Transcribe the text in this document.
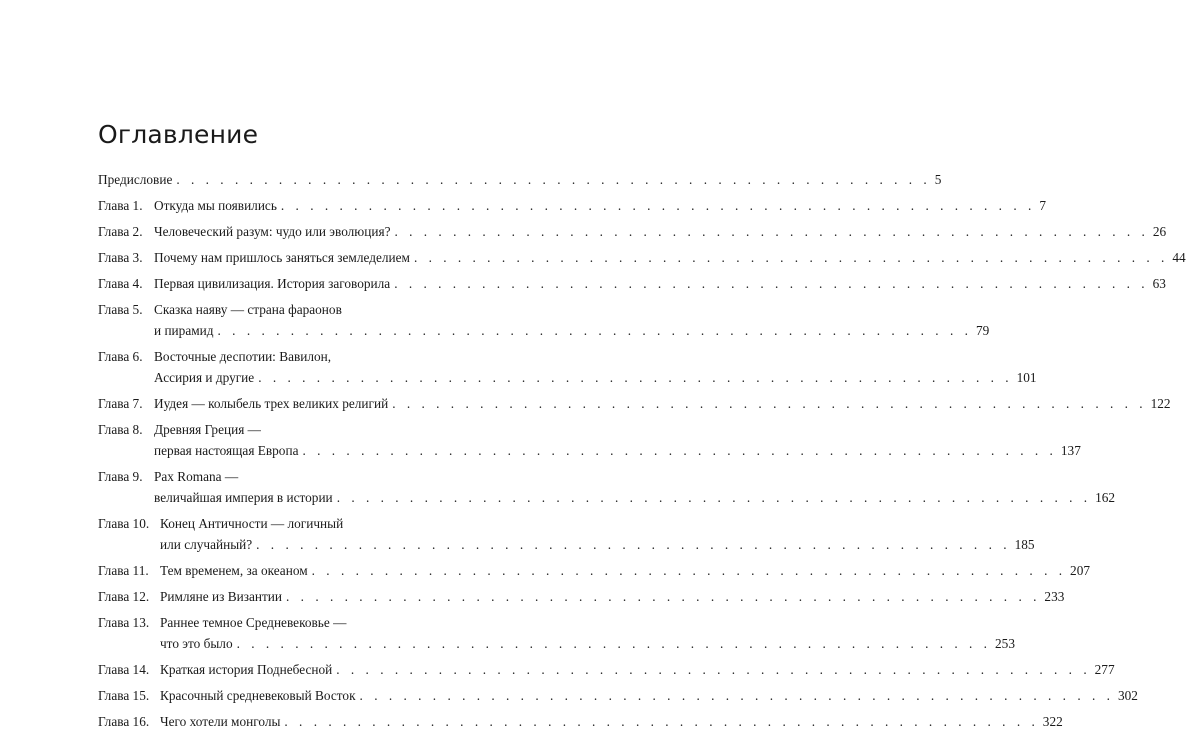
Оглавление
Предисловие . . . . . . . . . . . . . . . . . . . . . . . . . . . . . . . . . . . . . . . . . . . . . . . . . . . . 5
Глава 1. Откуда мы появились . . . . . . . . . . . . . . . . . . . . . . . . . . . . . . . . . . . . . . . . . . . . . . . . . . . . 7
Глава 2. Человеческий разум: чудо или эволюция? . . . . . . . . . . . . . . . . . . . . . . . . . . . . . . . . . . . . . . . . . . . . . . . . . . . . 26
Глава 3. Почему нам пришлось заняться земледелием . . . . . . . . . . . . . . . . . . . . . . . . . . . . . . . . . . . . . . . . . . . . . . . . . . . . 44
Глава 4. Первая цивилизация. История заговорила . . . . . . . . . . . . . . . . . . . . . . . . . . . . . . . . . . . . . . . . . . . . . . . . . . . . 63
Глава 5. Сказка наяву — страна фараонов
и пирамид . . . . . . . . . . . . . . . . . . . . . . . . . . . . . . . . . . . . . . . . . . . . . . . . . . . . 79
Глава 6. Восточные деспотии: Вавилон,
Ассирия и другие . . . . . . . . . . . . . . . . . . . . . . . . . . . . . . . . . . . . . . . . . . . . . . . . . . . . 101
Глава 7. Иудея — колыбель трех великих религий . . . . . . . . . . . . . . . . . . . . . . . . . . . . . . . . . . . . . . . . . . . . . . . . . . . . 122
Глава 8. Древняя Греция —
первая настоящая Европа . . . . . . . . . . . . . . . . . . . . . . . . . . . . . . . . . . . . . . . . . . . . . . . . . . . . 137
Глава 9. Pax Romana —
величайшая империя в истории . . . . . . . . . . . . . . . . . . . . . . . . . . . . . . . . . . . . . . . . . . . . . . . . . . . . 162
Глава 10. Конец Античности — логичный
или случайный? . . . . . . . . . . . . . . . . . . . . . . . . . . . . . . . . . . . . . . . . . . . . . . . . . . . . 185
Глава 11. Тем временем, за океаном . . . . . . . . . . . . . . . . . . . . . . . . . . . . . . . . . . . . . . . . . . . . . . . . . . . . 207
Глава 12. Римляне из Византии . . . . . . . . . . . . . . . . . . . . . . . . . . . . . . . . . . . . . . . . . . . . . . . . . . . . 233
Глава 13. Раннее темное Средневековье —
что это было . . . . . . . . . . . . . . . . . . . . . . . . . . . . . . . . . . . . . . . . . . . . . . . . . . . . 253
Глава 14. Краткая история Поднебесной . . . . . . . . . . . . . . . . . . . . . . . . . . . . . . . . . . . . . . . . . . . . . . . . . . . . 277
Глава 15. Красочный средневековый Восток . . . . . . . . . . . . . . . . . . . . . . . . . . . . . . . . . . . . . . . . . . . . . . . . . . . . 302
Глава 16. Чего хотели монголы . . . . . . . . . . . . . . . . . . . . . . . . . . . . . . . . . . . . . . . . . . . . . . . . . . . . 322
